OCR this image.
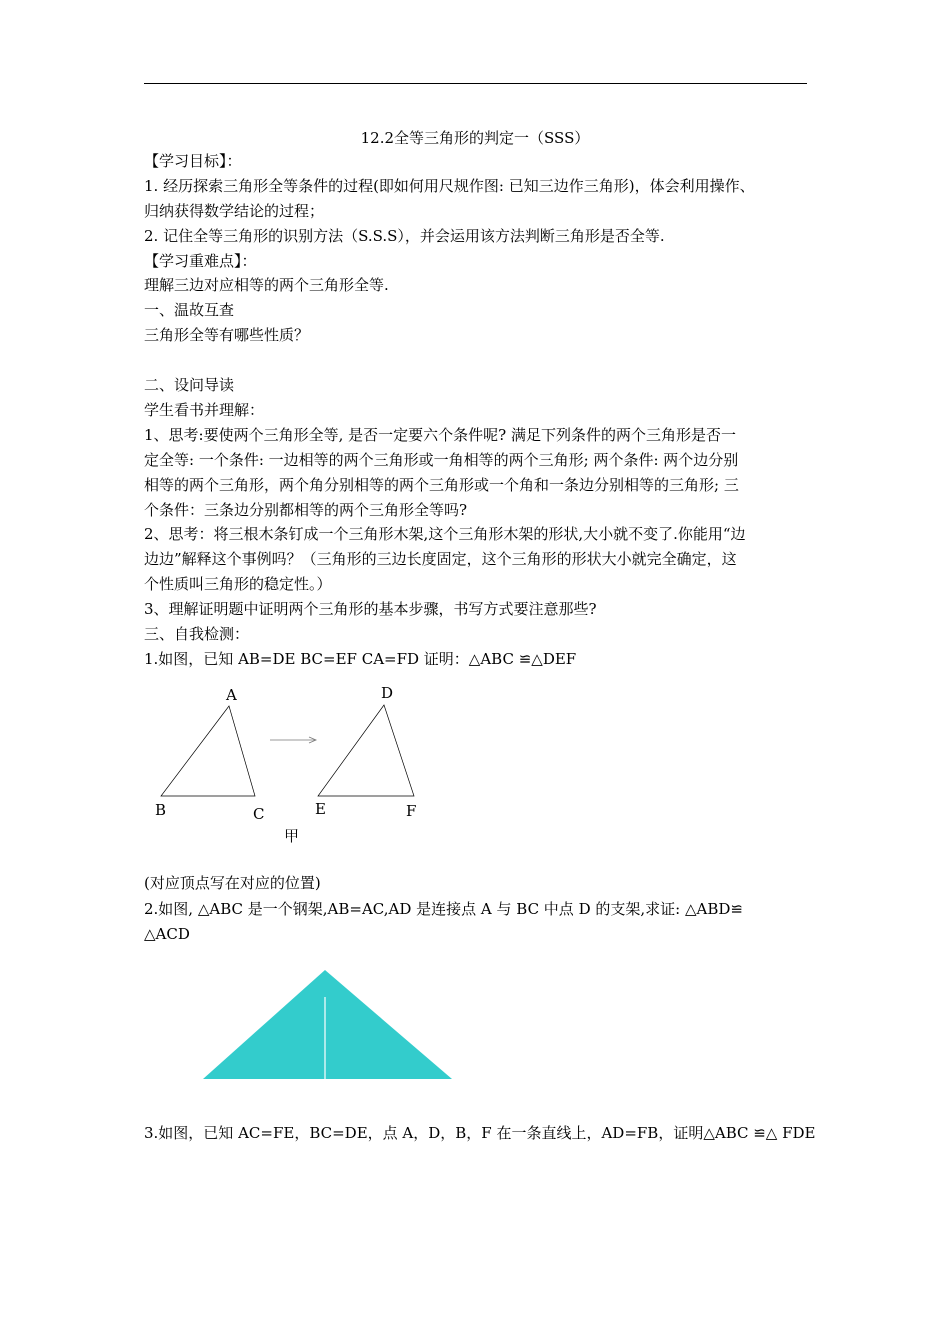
12.2全等三角形的判定一（SSS）
【学习目标】：
1. 经历探索三角形全等条件的过程(即如何用尺规作图: 已知三边作三角形)，体会利用操作、
归纳获得数学结论的过程；
2. 记住全等三角形的识别方法（S.S.S），并会运用该方法判断三角形是否全等.
【学习重难点】：
理解三边对应相等的两个三角形全等.
一、温故互查
三角形全等有哪些性质？
二、设问导读
学生看书并理解：
1、思考:要使两个三角形全等, 是否一定要六个条件呢? 满足下列条件的两个三角形是否一
定全等: 一个条件: 一边相等的两个三角形或一角相等的两个三角形; 两个条件: 两个边分别
相等的两个三角形，两个角分别相等的两个三角形或一个角和一条边分别相等的三角形; 三
个条件：三条边分别都相等的两个三角形全等吗?
2、思考：将三根木条钉成一个三角形木架,这个三角形木架的形状,大小就不变了.你能用“边
边边”解释这个事例吗？（三角形的三边长度固定，这个三角形的形状大小就完全确定，这
个性质叫三角形的稳定性。）
3、理解证明题中证明两个三角形的基本步骤，书写方式要注意那些?
三、自我检测：
1.如图，已知 AB=DE BC=EF CA=FD 证明：△ABC ≌△DEF
A
B	C
D
E	F
甲
(对应顶点写在对应的位置)
2.如图, △ABC 是一个钢架,AB=AC,AD 是连接点 A 与 BC 中点 D 的支架,求证: △ABD≌
△ACD
3.如图，已知 AC=FE，BC=DE，点 A，D，B，F 在一条直线上，AD=FB，证明△ABC ≌△ FDE
